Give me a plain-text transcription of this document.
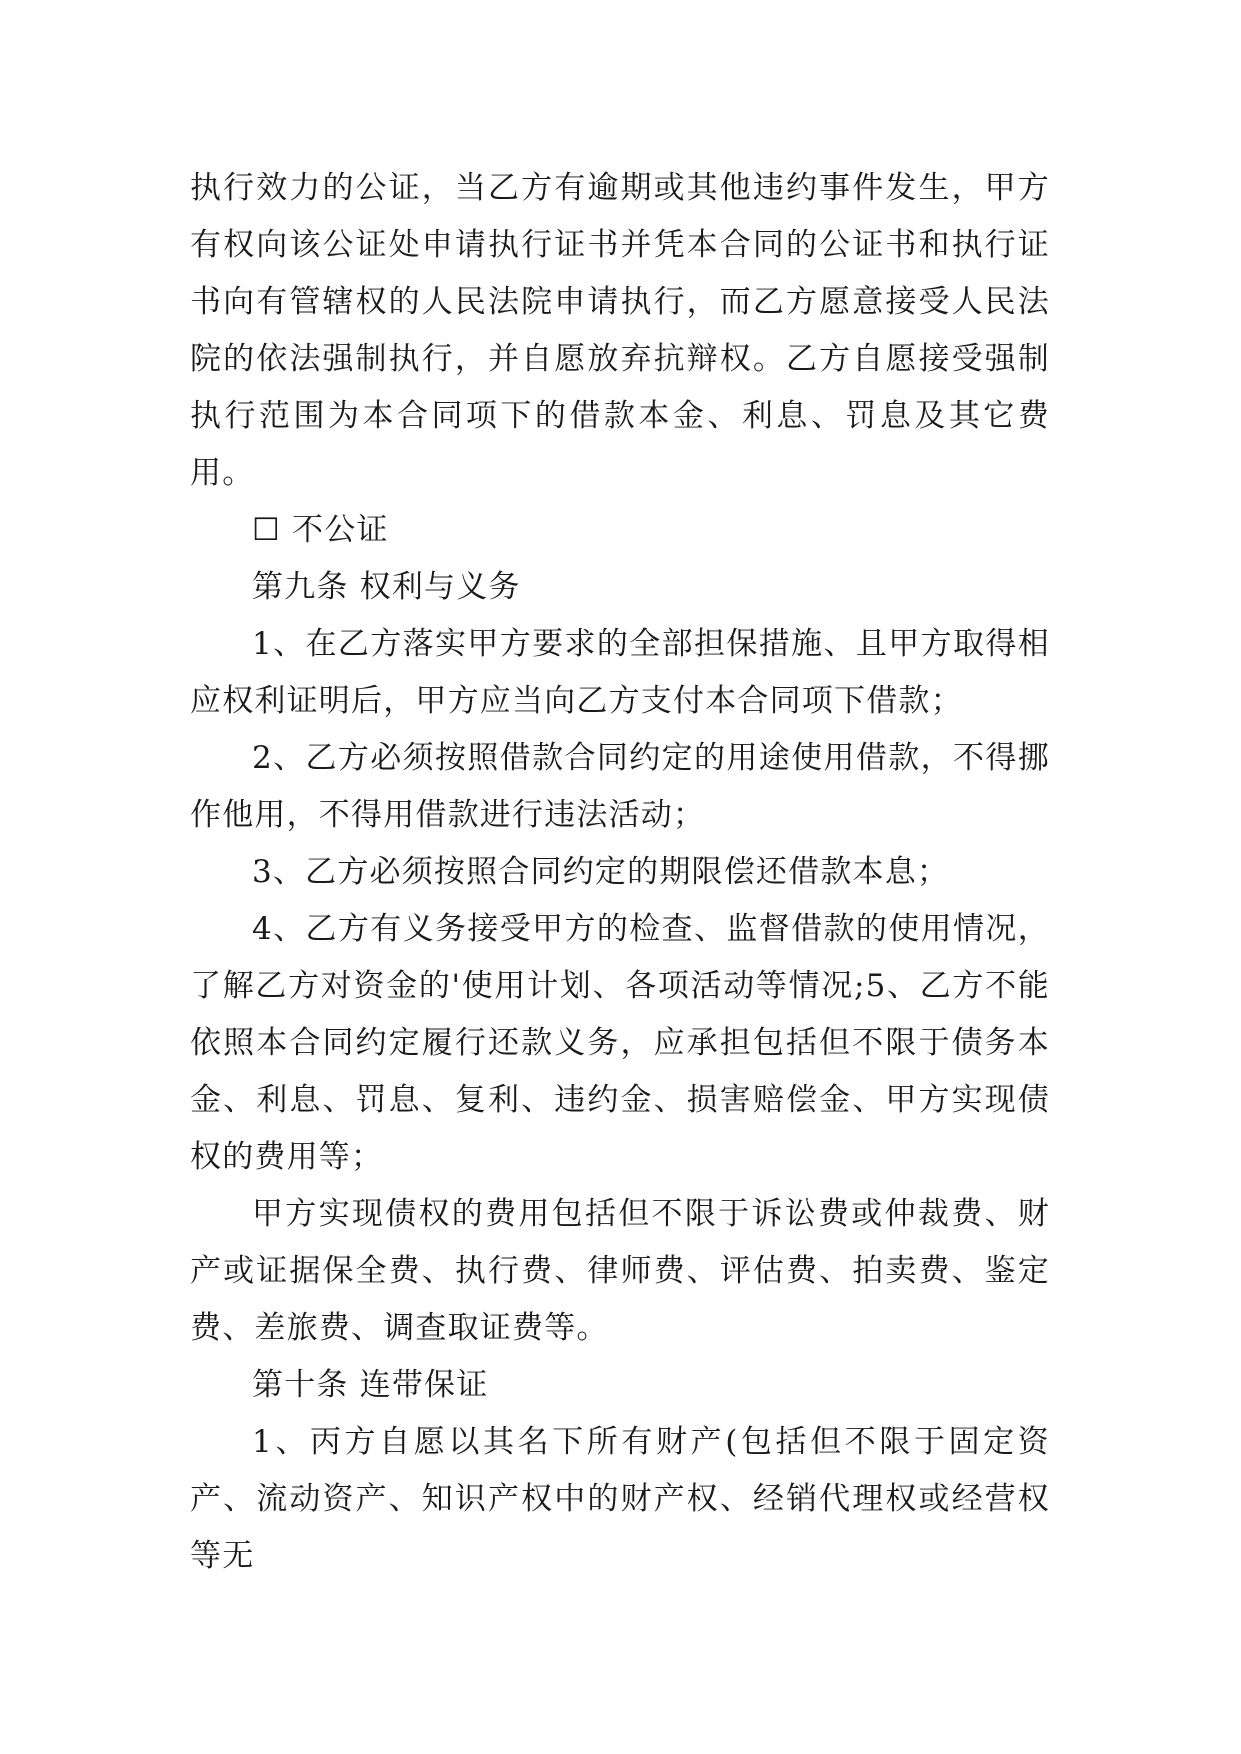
执行效力的公证，当乙方有逾期或其他违约事件发生，甲方有权向该公证处申请执行证书并凭本合同的公证书和执行证书向有管辖权的人民法院申请执行，而乙方愿意接受人民法院的依法强制执行，并自愿放弃抗辩权。乙方自愿接受强制执行范围为本合同项下的借款本金、利息、罚息及其它费用。

☐ 不公证

第九条 权利与义务

1、在乙方落实甲方要求的全部担保措施、且甲方取得相应权利证明后，甲方应当向乙方支付本合同项下借款；

2、乙方必须按照借款合同约定的用途使用借款，不得挪作他用，不得用借款进行违法活动；

3、乙方必须按照合同约定的期限偿还借款本息；

4、乙方有义务接受甲方的检查、监督借款的使用情况，了解乙方对资金的'使用计划、各项活动等情况;5、乙方不能依照本合同约定履行还款义务，应承担包括但不限于债务本金、利息、罚息、复利、违约金、损害赔偿金、甲方实现债权的费用等；

甲方实现债权的费用包括但不限于诉讼费或仲裁费、财产或证据保全费、执行费、律师费、评估费、拍卖费、鉴定费、差旅费、调查取证费等。

第十条 连带保证

1、丙方自愿以其名下所有财产(包括但不限于固定资产、流动资产、知识产权中的财产权、经销代理权或经营权等无
